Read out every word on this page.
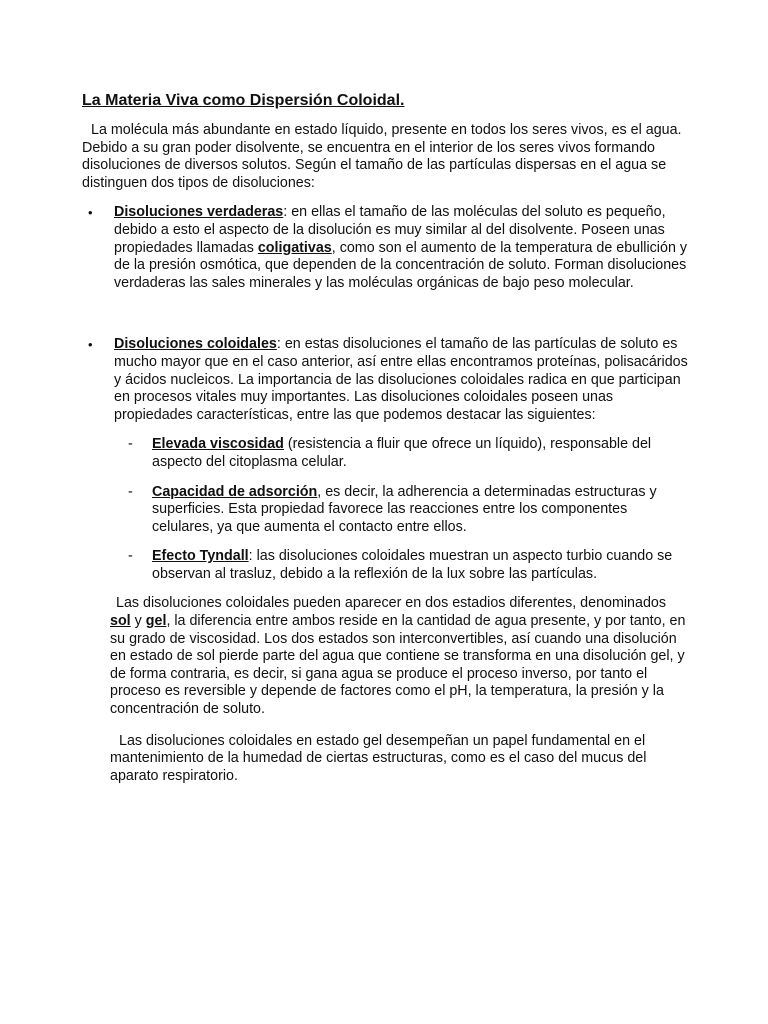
La Materia Viva como Dispersión Coloidal.

La molécula más abundante en estado líquido, presente en todos los seres vivos, es el agua. Debido a su gran poder disolvente, se encuentra en el interior de los seres vivos formando disoluciones de diversos solutos. Según el tamaño de las partículas dispersas en el agua se distinguen dos tipos de disoluciones:

• Disoluciones verdaderas: en ellas el tamaño de las moléculas del soluto es pequeño, debido a esto el aspecto de la disolución es muy similar al del disolvente. Poseen unas propiedades llamadas coligativas, como son el aumento de la temperatura de ebullición y de la presión osmótica, que dependen de la concentración de soluto. Forman disoluciones verdaderas las sales minerales y las moléculas orgánicas de bajo peso molecular.
• Disoluciones coloidales: en estas disoluciones el tamaño de las partículas de soluto es mucho mayor que en el caso anterior, así entre ellas encontramos proteínas, polisacáridos y ácidos nucleicos. La importancia de las disoluciones coloidales radica en que participan en procesos vitales muy importantes. Las disoluciones coloidales poseen unas propiedades características, entre las que podemos destacar las siguientes:
- Elevada viscosidad (resistencia a fluir que ofrece un líquido), responsable del aspecto del citoplasma celular.
- Capacidad de adsorción, es decir, la adherencia a determinadas estructuras y superficies. Esta propiedad favorece las reacciones entre los componentes celulares, ya que aumenta el contacto entre ellos.
- Efecto Tyndall: las disoluciones coloidales muestran un aspecto turbio cuando se observan al trasluz, debido a la reflexión de la lux sobre las partículas.

Las disoluciones coloidales pueden aparecer en dos estadios diferentes, denominados sol y gel, la diferencia entre ambos reside en la cantidad de agua presente, y por tanto, en su grado de viscosidad. Los dos estados son interconvertibles, así cuando una disolución en estado de sol pierde parte del agua que contiene se transforma en una disolución gel, y de forma contraria, es decir, si gana agua se produce el proceso inverso, por tanto el proceso es reversible y depende de factores como el pH, la temperatura, la presión y la concentración de soluto.

Las disoluciones coloidales en estado gel desempeñan un papel fundamental en el mantenimiento de la humedad de ciertas estructuras, como es el caso del mucus del aparato respiratorio.
